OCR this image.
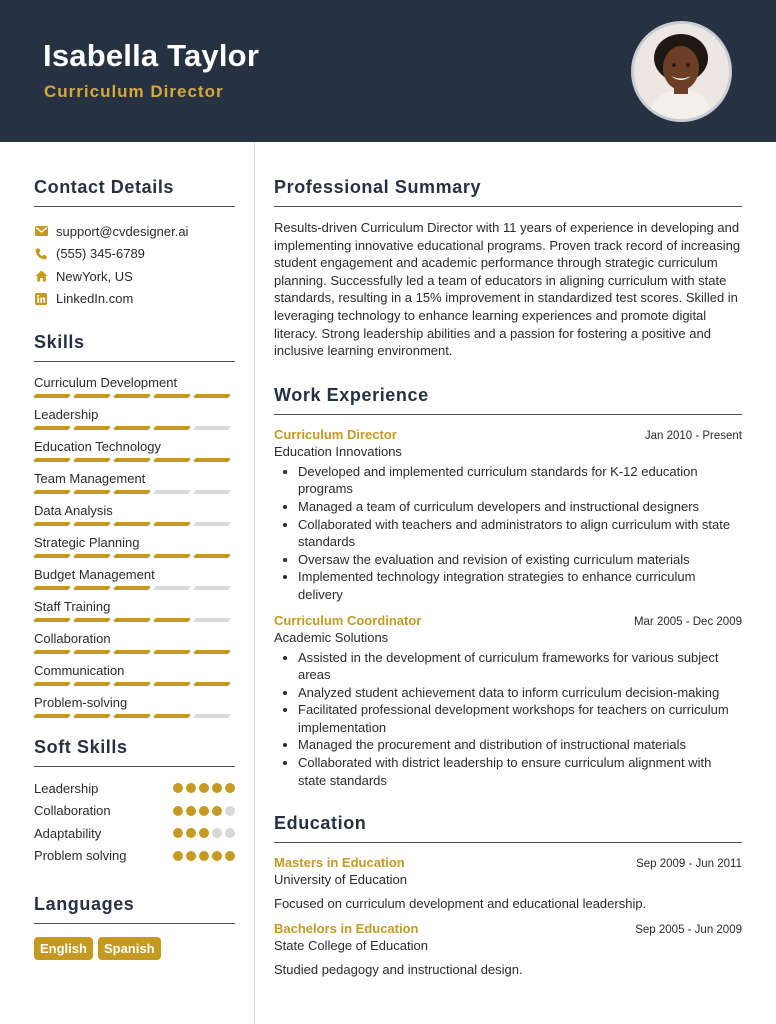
Isabella Taylor
Curriculum Director
Contact Details
support@cvdesigner.ai
(555) 345-6789
NewYork, US
LinkedIn.com
Skills
Curriculum Development
Leadership
Education Technology
Team Management
Data Analysis
Strategic Planning
Budget Management
Staff Training
Collaboration
Communication
Problem-solving
Soft Skills
Leadership
Collaboration
Adaptability
Problem solving
Languages
English	Spanish
Professional Summary

Results-driven Curriculum Director with 11 years of experience in developing and implementing innovative educational programs. Proven track record of increasing student engagement and academic performance through strategic curriculum planning. Successfully led a team of educators in aligning curriculum with state standards, resulting in a 15% improvement in standardized test scores. Skilled in leveraging technology to enhance learning experiences and promote digital literacy. Strong leadership abilities and a passion for fostering a positive and inclusive learning environment.

Work Experience
Curriculum Director	Jan 2010 - Present
Education Innovations
• Developed and implemented curriculum standards for K-12 education programs
• Managed a team of curriculum developers and instructional designers
• Collaborated with teachers and administrators to align curriculum with state standards
• Oversaw the evaluation and revision of existing curriculum materials
• Implemented technology integration strategies to enhance curriculum delivery
Curriculum Coordinator	Mar 2005 - Dec 2009
Academic Solutions
• Assisted in the development of curriculum frameworks for various subject areas
• Analyzed student achievement data to inform curriculum decision-making
• Facilitated professional development workshops for teachers on curriculum implementation
• Managed the procurement and distribution of instructional materials
• Collaborated with district leadership to ensure curriculum alignment with state standards
Education
Masters in Education	Sep 2009 - Jun 2011
University of Education
Focused on curriculum development and educational leadership.
Bachelors in Education	Sep 2005 - Jun 2009
State College of Education
Studied pedagogy and instructional design.
